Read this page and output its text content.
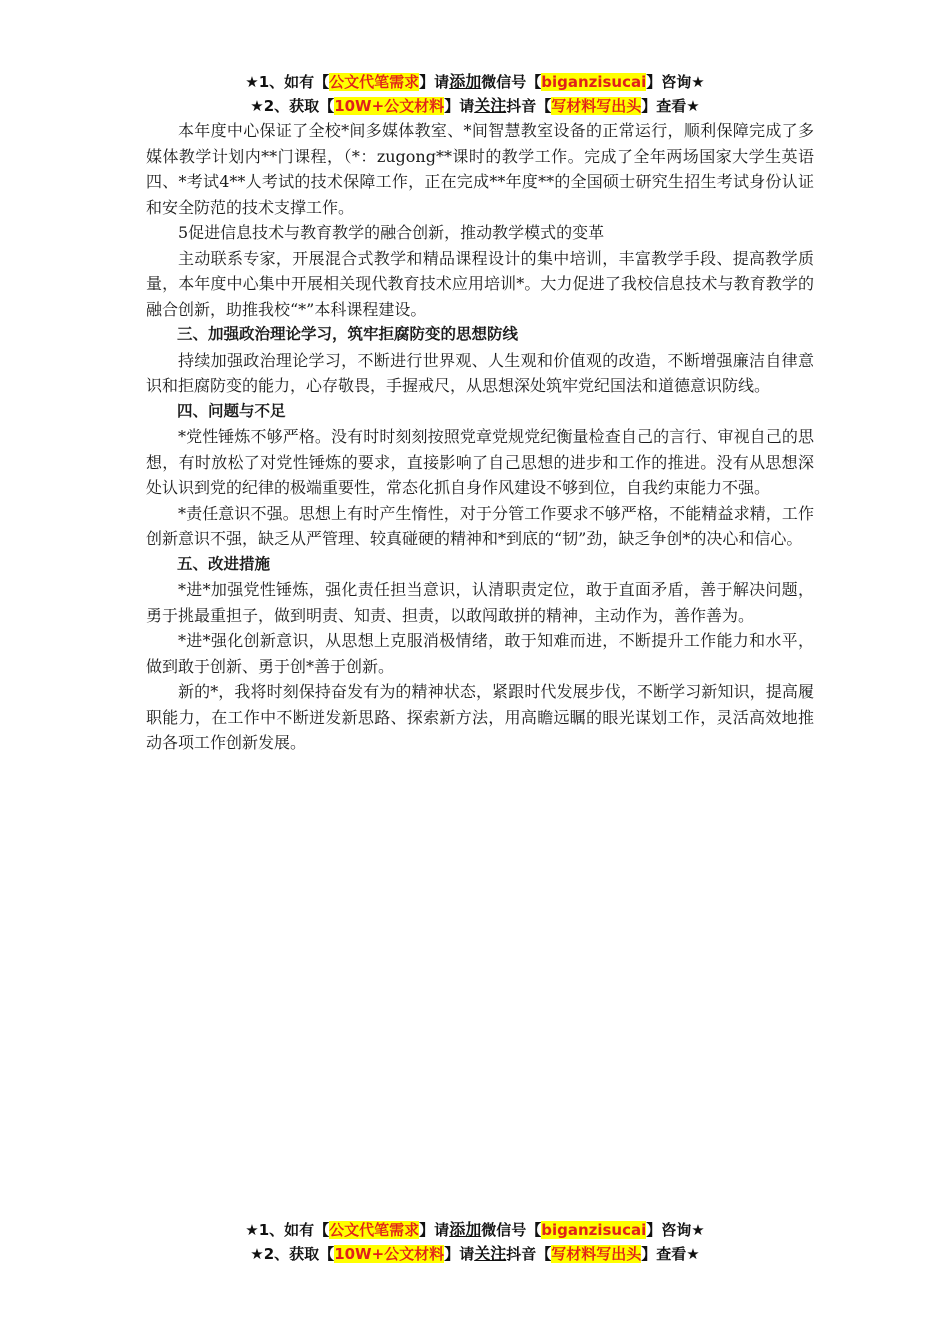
★1、如有【公文代笔需求】请添加微信号【biganzisucai】咨询★
★2、获取【10W+公文材料】请关注抖音【写材料写出头】查看★

本年度中心保证了全校*间多媒体教室、*间智慧教室设备的正常运行，顺利保障完成了多媒体教学计划内**门课程，（*：zugong**课时的教学工作。完成了全年两场国家大学生英语四、*考试4**人考试的技术保障工作，正在完成**年度**的全国硕士研究生招生考试身份认证和安全防范的技术支撑工作。

5促进信息技术与教育教学的融合创新，推动教学模式的变革

主动联系专家，开展混合式教学和精品课程设计的集中培训，丰富教学手段、提高教学质量，本年度中心集中开展相关现代教育技术应用培训*。大力促进了我校信息技术与教育教学的融合创新，助推我校“*”本科课程建设。

三、加强政治理论学习，筑牢拒腐防变的思想防线

持续加强政治理论学习，不断进行世界观、人生观和价值观的改造，不断增强廉洁自律意识和拒腐防变的能力，心存敬畏，手握戒尺，从思想深处筑牢党纪国法和道德意识防线。

四、问题与不足

*党性锤炼不够严格。没有时时刻刻按照党章党规党纪衡量检查自己的言行、审视自己的思想，有时放松了对党性锤炼的要求，直接影响了自己思想的进步和工作的推进。没有从思想深处认识到党的纪律的极端重要性，常态化抓自身作风建设不够到位，自我约束能力不强。

*责任意识不强。思想上有时产生惰性，对于分管工作要求不够严格，不能精益求精，工作创新意识不强，缺乏从严管理、较真碰硬的精神和*到底的“韧”劲，缺乏争创*的决心和信心。

五、改进措施

*进*加强党性锤炼，强化责任担当意识，认清职责定位，敢于直面矛盾，善于解决问题，勇于挑最重担子，做到明责、知责、担责，以敢闯敢拼的精神，主动作为，善作善为。

*进*强化创新意识，从思想上克服消极情绪，敢于知难而进，不断提升工作能力和水平，做到敢于创新、勇于创*善于创新。

新的*，我将时刻保持奋发有为的精神状态，紧跟时代发展步伐，不断学习新知识，提高履职能力，在工作中不断迸发新思路、探索新方法，用高瞻远瞩的眼光谋划工作，灵活高效地推动各项工作创新发展。

★1、如有【公文代笔需求】请添加微信号【biganzisucai】咨询★
★2、获取【10W+公文材料】请关注抖音【写材料写出头】查看★
